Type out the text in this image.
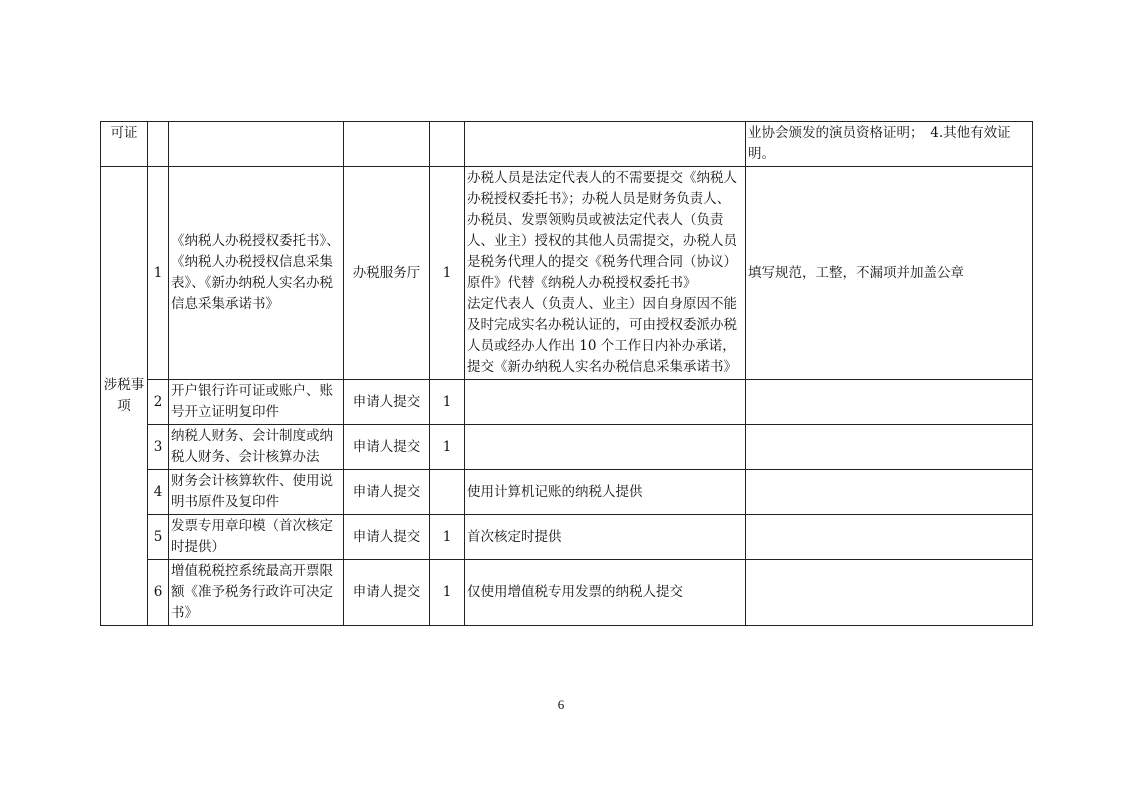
可证						业协会颁发的演员资格证明；　4.其他有效证明。
涉税事项	1	《纳税人办税授权委托书》、《纳税人办税授权信息采集表》、《新办纳税人实名办税信息采集承诺书》	办税服务厅	1	办税人员是法定代表人的不需要提交《纳税人办税授权委托书》；办税人员是财务负责人、办税员、发票领购员或被法定代表人（负责人、业主）授权的其他人员需提交，办税人员是税务代理人的提交《税务代理合同（协议）原件》代替《纳税人办税授权委托书》
法定代表人（负责人、业主）因自身原因不能及时完成实名办税认证的，可由授权委派办税人员或经办人作出 10 个工作日内补办承诺，提交《新办纳税人实名办税信息采集承诺书》	填写规范，工整，不漏项并加盖公章
	2	开户银行许可证或账户、账号开立证明复印件	申请人提交	1		
	3	纳税人财务、会计制度或纳税人财务、会计核算办法	申请人提交	1		
	4	财务会计核算软件、使用说明书原件及复印件	申请人提交		使用计算机记账的纳税人提供	
	5	发票专用章印模（首次核定时提供）	申请人提交	1	首次核定时提供	
	6	增值税税控系统最高开票限额《准予税务行政许可决定书》	申请人提交	1	仅使用增值税专用发票的纳税人提交	
6
